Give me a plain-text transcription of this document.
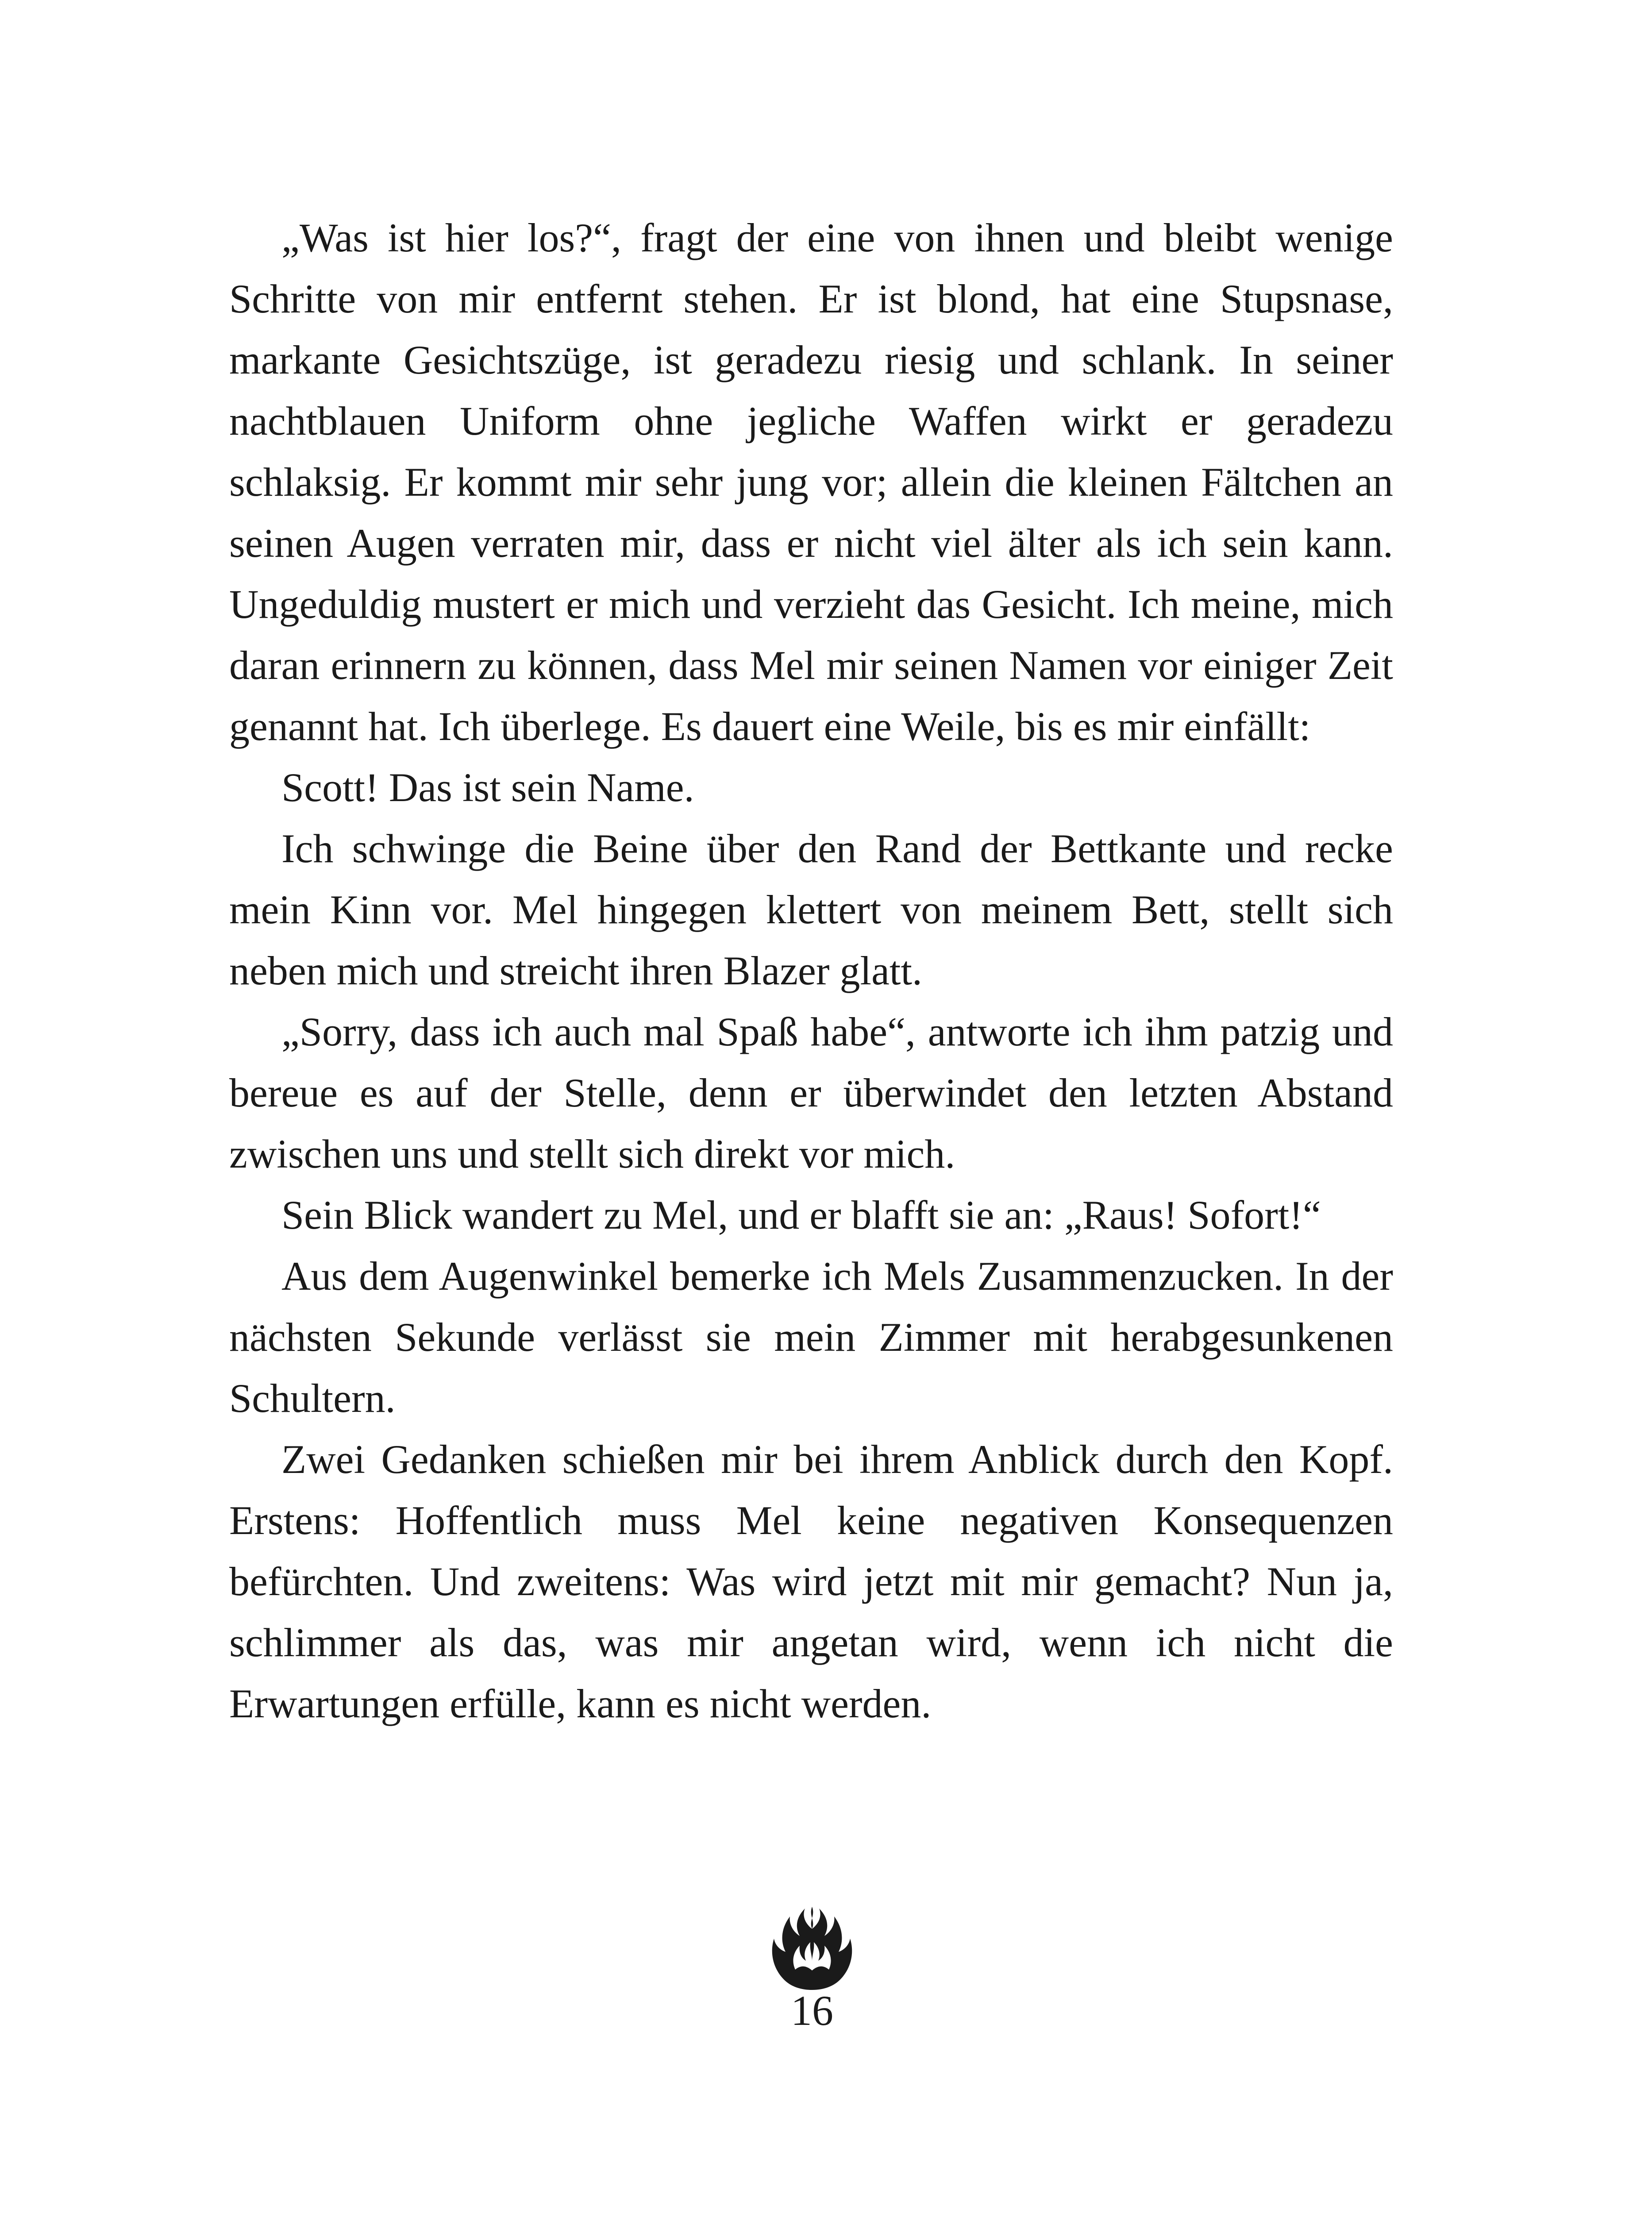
„Was ist hier los?“, fragt der eine von ihnen und bleibt wenige Schritte von mir entfernt stehen. Er ist blond, hat eine Stupsnase, markante Gesichtszüge, ist geradezu riesig und schlank. In seiner nachtblauen Uniform ohne jegliche Waffen wirkt er geradezu schlaksig. Er kommt mir sehr jung vor; allein die kleinen Fältchen an seinen Augen verraten mir, dass er nicht viel älter als ich sein kann. Ungeduldig mustert er mich und verzieht das Gesicht. Ich meine, mich daran erinnern zu können, dass Mel mir seinen Namen vor einiger Zeit genannt hat. Ich überlege. Es dauert eine Weile, bis es mir einfällt:

Scott! Das ist sein Name.

Ich schwinge die Beine über den Rand der Bettkante und recke mein Kinn vor. Mel hingegen klettert von meinem Bett, stellt sich neben mich und streicht ihren Blazer glatt.

„Sorry, dass ich auch mal Spaß habe“, antworte ich ihm patzig und bereue es auf der Stelle, denn er überwindet den letzten Abstand zwischen uns und stellt sich direkt vor mich.

Sein Blick wandert zu Mel, und er blafft sie an: „Raus! Sofort!“

Aus dem Augenwinkel bemerke ich Mels Zusammenzucken. In der nächsten Sekunde verlässt sie mein Zimmer mit herabgesunkenen Schultern.

Zwei Gedanken schießen mir bei ihrem Anblick durch den Kopf. Erstens: Hoffentlich muss Mel keine negativen Konsequenzen befürchten. Und zweitens: Was wird jetzt mit mir gemacht? Nun ja, schlimmer als das, was mir angetan wird, wenn ich nicht die Erwartungen erfülle, kann es nicht werden.

16
